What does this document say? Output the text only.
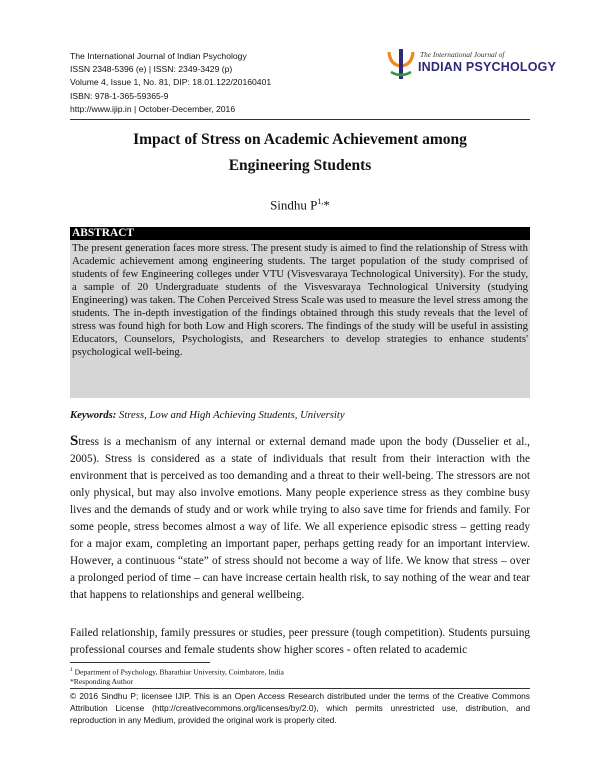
The International Journal of Indian Psychology
ISSN 2348-5396 (e) | ISSN: 2349-3429 (p)
Volume 4, Issue 1, No. 81, DIP: 18.01.122/20160401
ISBN: 978-1-365-59365-9
http://www.ijip.in | October-December, 2016
The International Journal of
INDIAN PSYCHOLOGY
Impact of Stress on Academic Achievement among
Engineering Students
Sindhu $P^{1,}*$
ABSTRACT
The present generation faces more stress. The present study is aimed to find the relationship of Stress with Academic achievement among engineering students. The target population of the study comprised of students of few Engineering colleges under VTU (Visvesvaraya Technological University). For the study, a sample of 20 Undergraduate students of the Visvesvaraya Technological University (studying Engineering) was taken. The Cohen Perceived Stress Scale was used to measure the level stress among the students. The in-depth investigation of the findings obtained through this study reveals that the level of stress was found high for both Low and High scorers. The findings of the study will be useful in assisting Educators, Counselors, Psychologists, and Researchers to develop strategies to enhance students' psychological well-being.
Keywords: Stress, Low and High Achieving Students, University
Stress is a mechanism of any internal or external demand made upon the body (Dusselier et al., 2005). Stress is considered as a state of individuals that result from their interaction with the environment that is perceived as too demanding and a threat to their well-being. The stressors are not only physical, but may also involve emotions. Many people experience stress as they combine busy lives and the demands of study and or work while trying to also save time for friends and family. For some people, stress becomes almost a way of life. We all experience episodic stress – getting ready for a major exam, completing an important paper, perhaps getting ready for an important interview. However, a continuous “state” of stress should not become a way of life. We know that stress – over a prolonged period of time – can have increase certain health risk, to say nothing of the wear and tear that happens to relationships and general wellbeing.
Failed relationship, family pressures or studies, peer pressure (tough competition). Students pursuing professional courses and female students show higher scores - often related to academic
$^1$ Department of Psychology, Bharathiar University, Coimbatore, India
*Responding Author
© 2016 Sindhu P; licensee IJIP. This is an Open Access Research distributed under the terms of the Creative Commons Attribution License (http://creativecommons.org/licenses/by/2.0), which permits unrestricted use, distribution, and reproduction in any Medium, provided the original work is properly cited.
